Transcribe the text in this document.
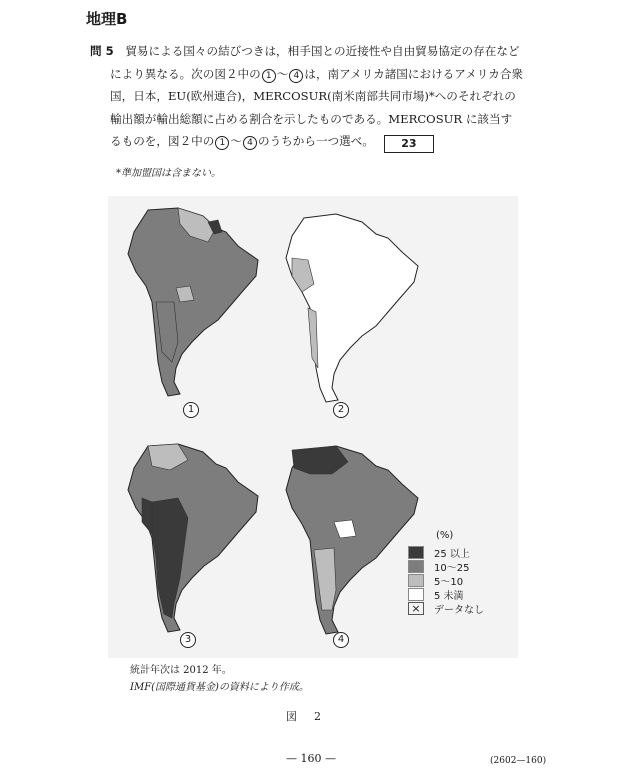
地理B
問 5　 貿易による国々の結びつきは，相手国との近接性や自由貿易協定の存在など
により異なる。次の図２中の 1 〜 4 は，南アメリカ諸国におけるアメリカ合衆
国，日本，EU(欧州連合)，MERCOSUR(南米南部共同市場)*へのそれぞれの
輸出額が輸出総額に占める割合を示したものである。MERCOSUR に該当す
るものを，図２中の 1 〜 4 のうちから一つ選べ。 23
*準加盟国は含まない。
1	2
3	4
(%)
25 以上
10～25
5～10
5 未満
×	データなし
統計年次は 2012 年。
IMF(国際通貨基金)の資料により作成。
図　2
— 160 —	(2602—160)
